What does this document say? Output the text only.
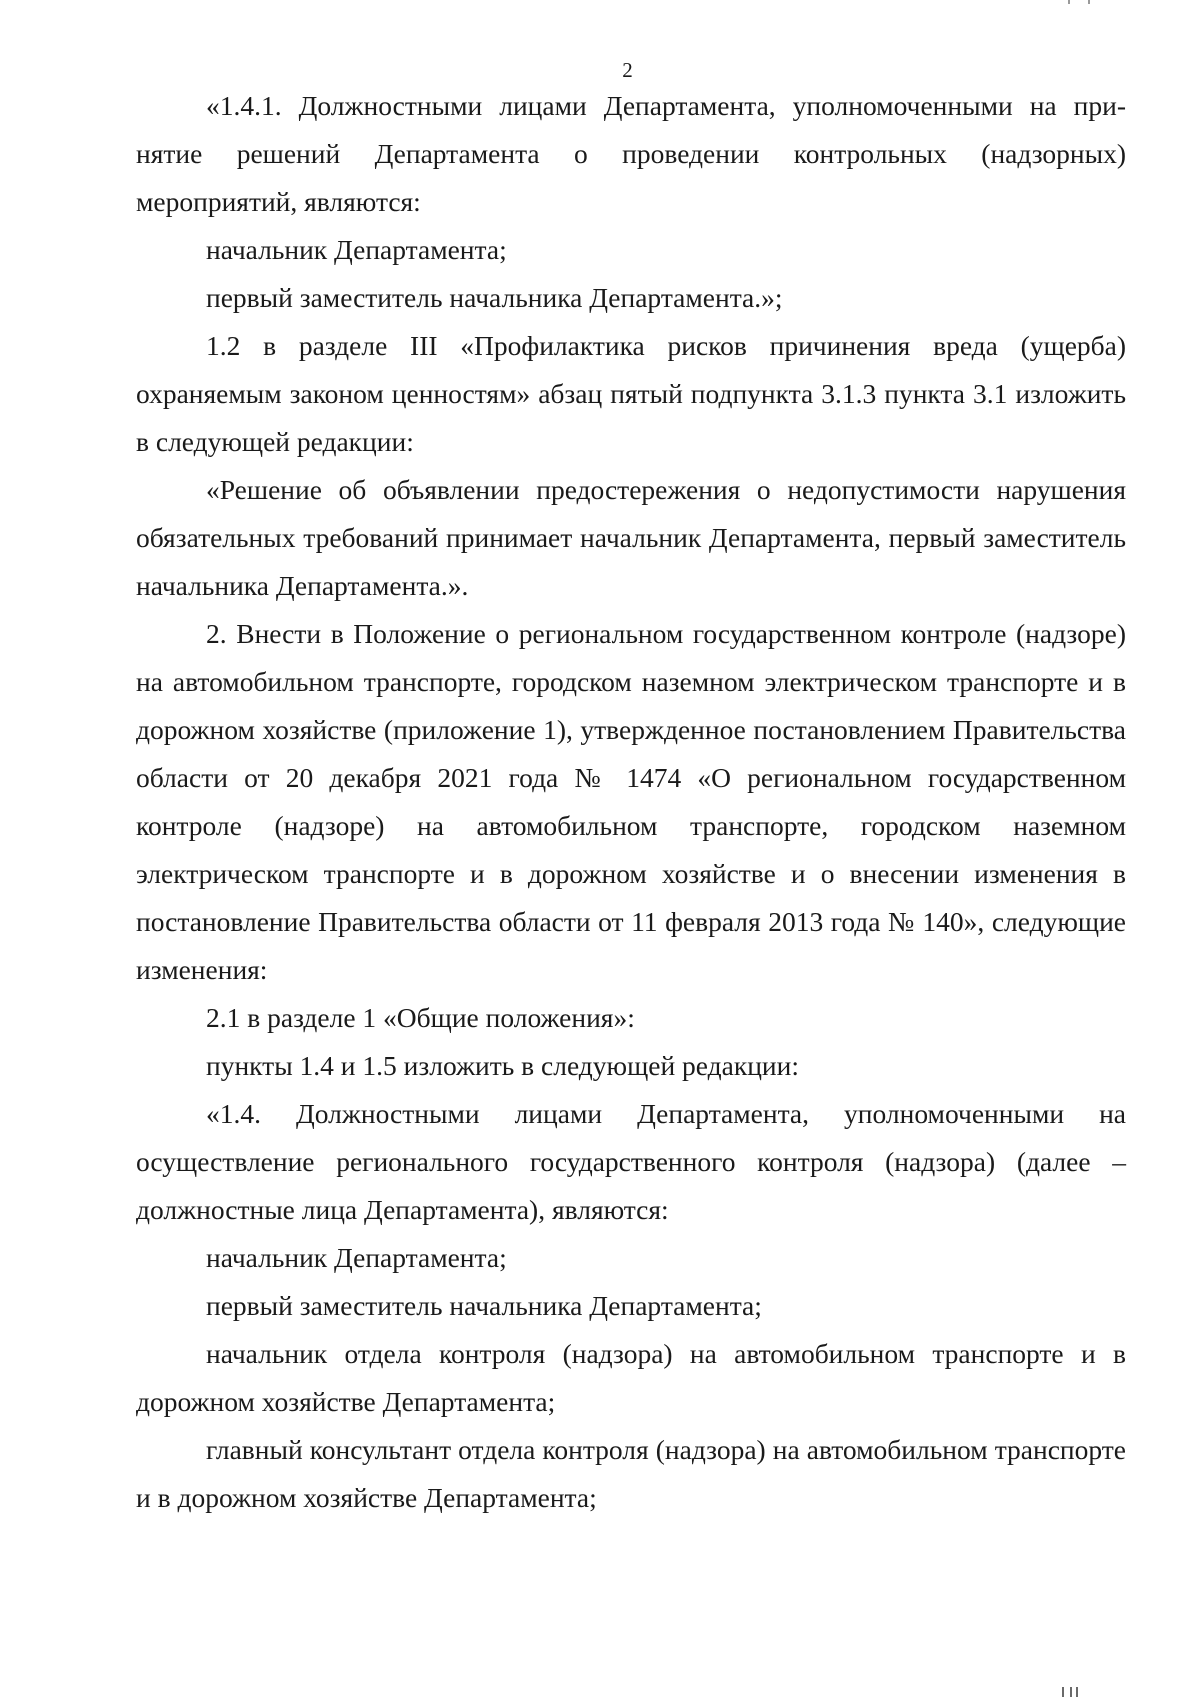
2

«1.4.1. Должностными лицами Департамента, уполномоченными на при-нятие решений Департамента о проведении контрольных (надзорных) мероприятий, являются:

начальник Департамента;

первый заместитель начальника Департамента.»;

1.2 в разделе III «Профилактика рисков причинения вреда (ущерба) охраняемым законом ценностям» абзац пятый подпункта 3.1.3 пункта 3.1 изложить в следующей редакции:

«Решение об объявлении предостережения о недопустимости нарушения обязательных требований принимает начальник Департамента, первый заместитель начальника Департамента.».

2. Внести в Положение о региональном государственном контроле (надзоре) на автомобильном транспорте, городском наземном электрическом транспорте и в дорожном хозяйстве (приложение 1), утвержденное постановлением Правительства области от 20 декабря 2021 года № 1474 «О региональном государственном контроле (надзоре) на автомобильном транспорте, городском наземном электрическом транспорте и в дорожном хозяйстве и о внесении изменения в постановление Правительства области от 11 февраля 2013 года № 140», следующие изменения:

2.1 в разделе 1 «Общие положения»:

пункты 1.4 и 1.5 изложить в следующей редакции:

«1.4. Должностными лицами Департамента, уполномоченными на осуществление регионального государственного контроля (надзора) (далее – должностные лица Департамента), являются:

начальник Департамента;

первый заместитель начальника Департамента;

начальник отдела контроля (надзора) на автомобильном транспорте и в дорожном хозяйстве Департамента;

главный консультант отдела контроля (надзора) на автомобильном транспорте и в дорожном хозяйстве Департамента;
